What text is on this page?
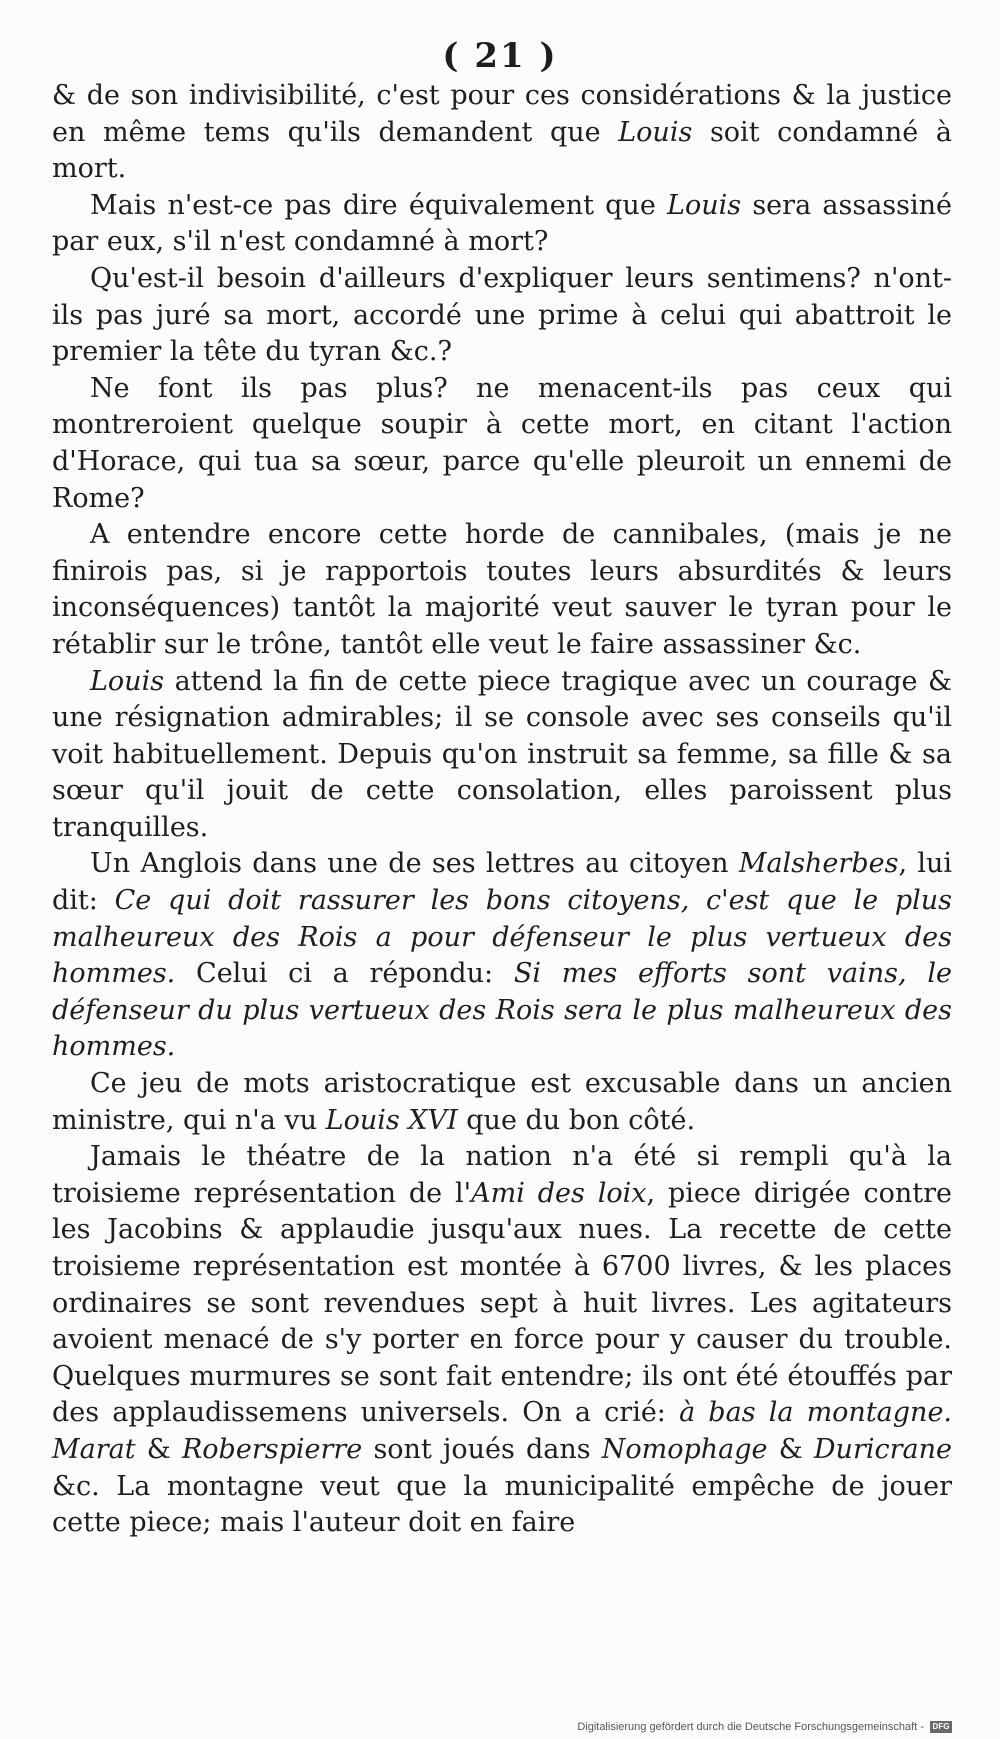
( 21 )

& de son indivisibilité, c'est pour ces considérations & la justice en même tems qu'ils demandent que Louis soit condamné à mort.

Mais n'est-ce pas dire équivalement que Louis sera assassiné par eux, s'il n'est condamné à mort?

Qu'est-il besoin d'ailleurs d'expliquer leurs sentimens? n'ont-ils pas juré sa mort, accordé une prime à celui qui abattroit le premier la tête du tyran &c.?

Ne font ils pas plus? ne menacent-ils pas ceux qui montreroient quelque soupir à cette mort, en citant l'action d'Horace, qui tua sa sœur, parce qu'elle pleuroit un ennemi de Rome?

A entendre encore cette horde de cannibales, (mais je ne finirois pas, si je rapportois toutes leurs absurdités & leurs inconséquences) tantôt la majorité veut sauver le tyran pour le rétablir sur le trône, tantôt elle veut le faire assassiner &c.

Louis attend la fin de cette piece tragique avec un courage & une résignation admirables; il se console avec ses conseils qu'il voit habituellement. Depuis qu'on instruit sa femme, sa fille & sa sœur qu'il jouit de cette consolation, elles paroissent plus tranquilles.

Un Anglois dans une de ses lettres au citoyen Malsherbes, lui dit: Ce qui doit rassurer les bons citoyens, c'est que le plus malheureux des Rois a pour défenseur le plus vertueux des hommes. Celui ci a répondu: Si mes efforts sont vains, le défenseur du plus vertueux des Rois sera le plus malheureux des hommes.

Ce jeu de mots aristocratique est excusable dans un ancien ministre, qui n'a vu Louis XVI que du bon côté.

Jamais le théatre de la nation n'a été si rempli qu'à la troisieme représentation de l'Ami des loix, piece dirigée contre les Jacobins & applaudie jusqu'aux nues. La recette de cette troisieme représentation est montée à 6700 livres, & les places ordinaires se sont revendues sept à huit livres. Les agitateurs avoient menacé de s'y porter en force pour y causer du trouble. Quelques murmures se sont fait entendre; ils ont été étouffés par des applaudissemens universels. On a crié: à bas la montagne. Marat & Roberspierre sont joués dans Nomophage & Duricrane &c. La montagne veut que la municipalité empêche de jouer cette piece; mais l'auteur doit en faire

Digitalisierung gefördert durch die Deutsche Forschungsgemeinschaft -	DFG
